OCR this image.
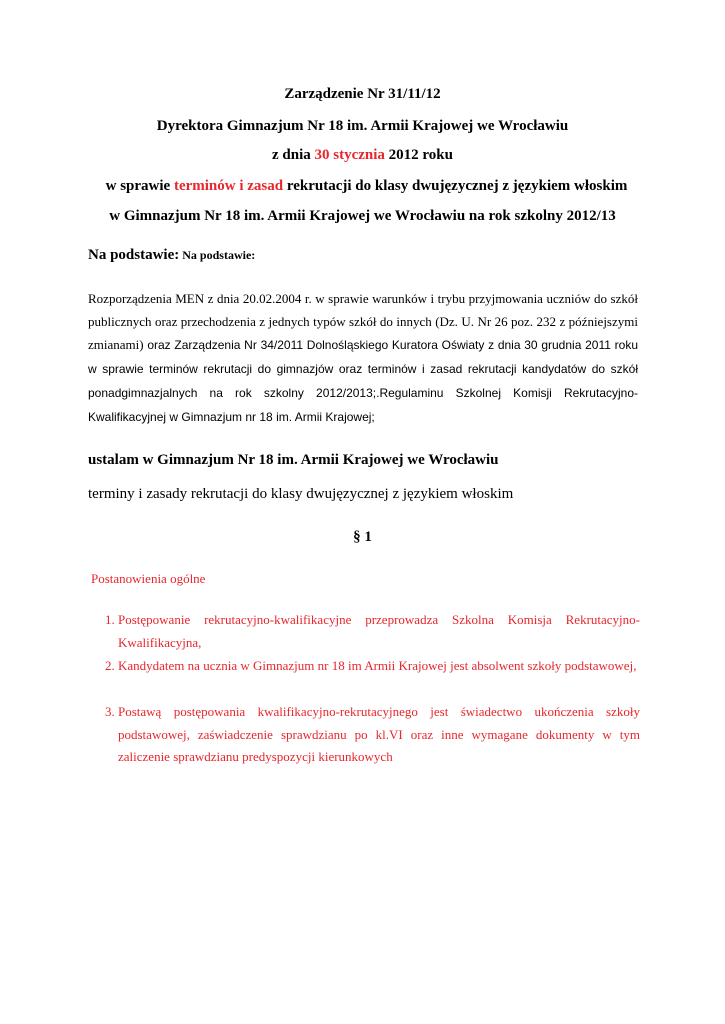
Zarządzenie Nr 31/11/12
Dyrektora Gimnazjum Nr 18 im. Armii Krajowej we Wrocławiu
z dnia 30 stycznia 2012 roku
w sprawie terminów i zasad rekrutacji do klasy dwujęzycznej z językiem włoskim
w Gimnazjum Nr 18 im. Armii Krajowej we Wrocławiu na rok szkolny 2012/13
Na podstawie: Na podstawie:
Rozporządzenia MEN z dnia 20.02.2004 r. w sprawie warunków i trybu przyjmowania uczniów do szkół publicznych oraz przechodzenia z jednych typów szkół do innych (Dz. U. Nr 26 poz. 232 z późniejszymi zmianami) oraz Zarządzenia Nr 34/2011 Dolnośląskiego Kuratora Oświaty z dnia 30 grudnia 2011 roku w sprawie terminów rekrutacji do gimnazjów oraz terminów i zasad rekrutacji kandydatów do szkół ponadgimnazjalnych na rok szkolny 2012/2013;.Regulaminu Szkolnej Komisji Rekrutacyjno-Kwalifikacyjnej w Gimnazjum nr 18 im. Armii Krajowej;
ustalam w Gimnazjum Nr 18 im. Armii Krajowej we Wrocławiu
terminy i zasady rekrutacji do klasy dwujęzycznej z językiem włoskim
§ 1
Postanowienia ogólne
1. Postępowanie rekrutacyjno-kwalifikacyjne przeprowadza Szkolna Komisja Rekrutacyjno-Kwalifikacyjna,
2. Kandydatem na ucznia w Gimnazjum nr 18 im Armii Krajowej jest absolwent szkoły podstawowej,
3. Postawą postępowania kwalifikacyjno-rekrutacyjnego jest świadectwo ukończenia szkoły podstawowej, zaświadczenie sprawdzianu po kl.VI oraz inne wymagane dokumenty w tym zaliczenie sprawdzianu predyspozycji kierunkowych
